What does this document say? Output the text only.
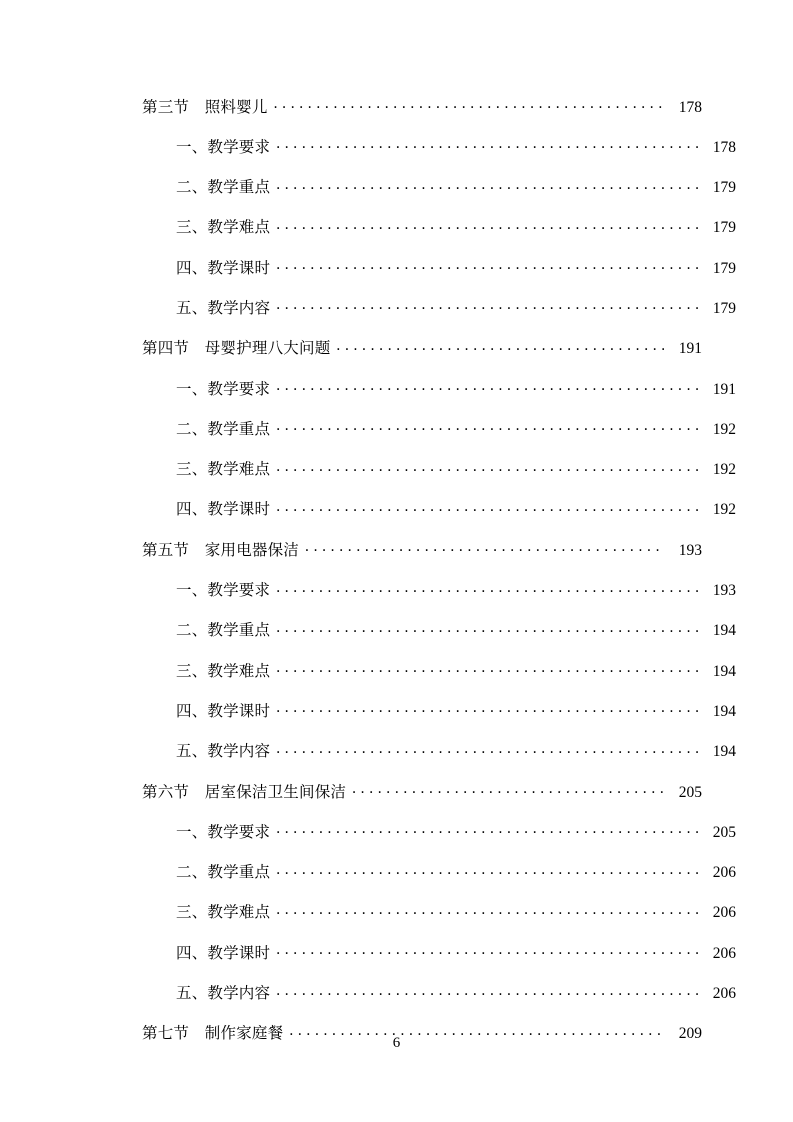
第三节　照料婴儿 . . .	178
一、教学要求 . . .	178
二、教学重点 . . .	179
三、教学难点 . . .	179
四、教学课时 . . .	179
五、教学内容 . . .	179
第四节　母婴护理八大问题 . . .	191
一、教学要求 . . .	191
二、教学重点 . . .	192
三、教学难点 . . .	192
四、教学课时 . . .	192
第五节　家用电器保洁 . . .	193
一、教学要求 . . .	193
二、教学重点 . . .	194
三、教学难点 . . .	194
四、教学课时 . . .	194
五、教学内容 . . .	194
第六节　居室保洁卫生间保洁 . . .	205
一、教学要求 . . .	205
二、教学重点 . . .	206
三、教学难点 . . .	206
四、教学课时 . . .	206
五、教学内容 . . .	206
第七节　制作家庭餐 . . .	209
6
